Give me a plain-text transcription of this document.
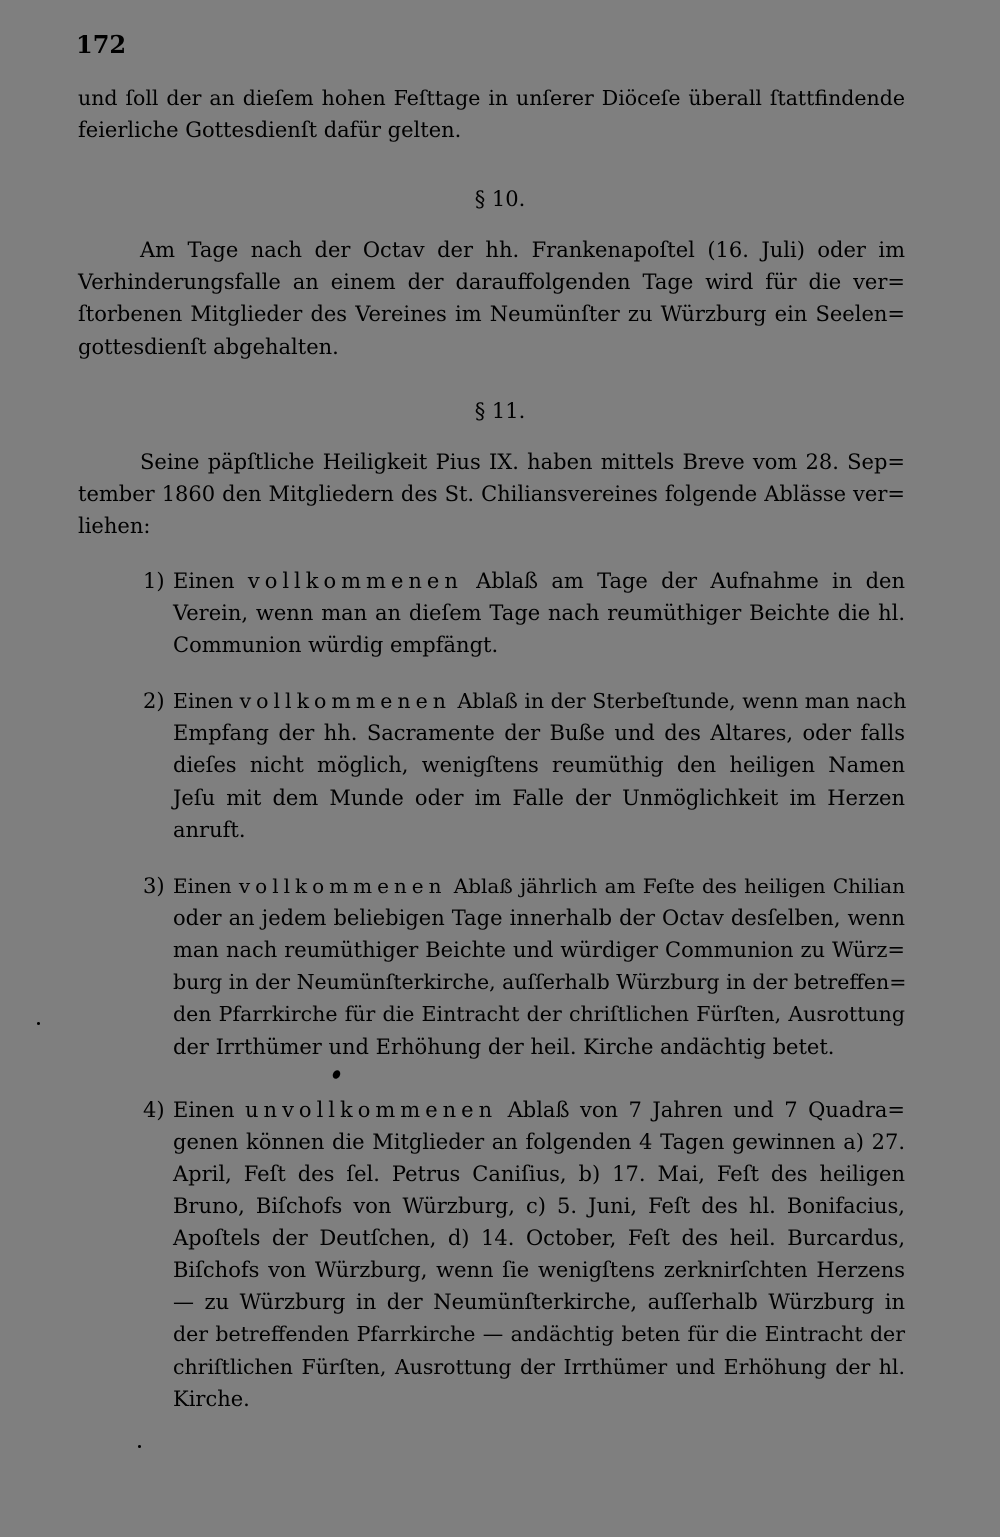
172
und ſoll der an dieſem hohen Feſttage in unſerer Diöceſe überall ſtattfindende
feierliche Gottesdienſt dafür gelten.
§ 10.
Am Tage nach der Octav der hh. Frankenapoſtel (16. Juli) oder im
Verhinderungsfalle an einem der darauffolgenden Tage wird für die ver=
ſtorbenen Mitglieder des Vereines im Neumünſter zu Würzburg ein Seelen=
gottesdienſt abgehalten.
§ 11.
Seine päpſtliche Heiligkeit Pius IX. haben mittels Breve vom 28. Sep=
tember 1860 den Mitgliedern des St. Chiliansvereines folgende Ablässe ver=
liehen:
1) Einen vollkommenen Ablaß am Tage der Aufnahme in den
Verein, wenn man an dieſem Tage nach reumüthiger Beichte die hl.
Communion würdig empfängt.
2) Einen vollkommenen Ablaß in der Sterbeſtunde, wenn man nach
Empfang der hh. Sacramente der Buße und des Altares, oder falls
dieſes nicht möglich, wenigſtens reumüthig den heiligen Namen
Jeſu mit dem Munde oder im Falle der Unmöglichkeit im Herzen
anruft.
3) Einen vollkommenen Ablaß jährlich am Feſte des heiligen Chilian
oder an jedem beliebigen Tage innerhalb der Octav desſelben, wenn
man nach reumüthiger Beichte und würdiger Communion zu Würz=
burg in der Neumünſterkirche, auſſerhalb Würzburg in der betreffen=
den Pfarrkirche für die Eintracht der chriſtlichen Fürſten, Ausrottung
der Irrthümer und Erhöhung der heil. Kirche andächtig betet.
4) Einen unvollkommenen Ablaß von 7 Jahren und 7 Quadra=
genen können die Mitglieder an folgenden 4 Tagen gewinnen a) 27.
April, Feſt des ſel. Petrus Caniſius, b) 17. Mai, Feſt des heiligen
Bruno, Biſchofs von Würzburg, c) 5. Juni, Feſt des hl. Bonifacius,
Apoſtels der Deutſchen, d) 14. October, Feſt des heil. Burcardus,
Biſchofs von Würzburg, wenn ſie wenigſtens zerknirſchten Herzens
— zu Würzburg in der Neumünſterkirche, auſſerhalb Würzburg in
der betreffenden Pfarrkirche — andächtig beten für die Eintracht der
chriſtlichen Fürſten, Ausrottung der Irrthümer und Erhöhung der hl.
Kirche.
